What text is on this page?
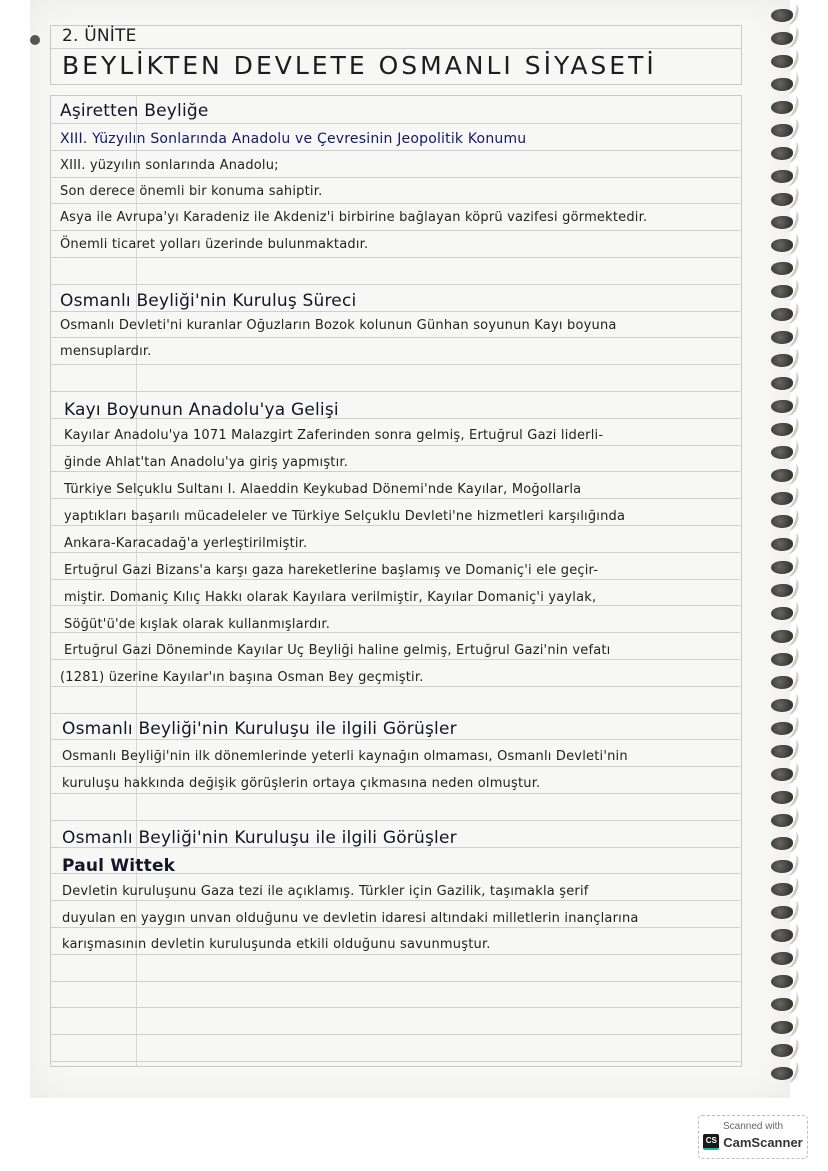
2. ÜNİTE
BEYLİKTEN DEVLETE OSMANLI SİYASETİ
Aşiretten Beyliğe
XIII. Yüzyılın Sonlarında Anadolu ve Çevresinin Jeopolitik Konumu
XIII. yüzyılın sonlarında Anadolu;
Son derece önemli bir konuma sahiptir.
Asya ile Avrupa'yı Karadeniz ile Akdeniz'i birbirine bağlayan köprü vazifesi görmektedir.
Önemli ticaret yolları üzerinde bulunmaktadır.
Osmanlı Beyliği'nin Kuruluş Süreci
Osmanlı Devleti'ni kuranlar Oğuzların Bozok kolunun Günhan soyunun Kayı boyuna
mensuplardır.
Kayı Boyunun Anadolu'ya Gelişi
Kayılar Anadolu'ya 1071 Malazgirt Zaferinden sonra gelmiş, Ertuğrul Gazi liderli-
ğinde Ahlat'tan Anadolu'ya giriş yapmıştır.
Türkiye Selçuklu Sultanı I. Alaeddin Keykubad Dönemi'nde Kayılar, Moğollarla
yaptıkları başarılı mücadeleler ve Türkiye Selçuklu Devleti'ne hizmetleri karşılığında
Ankara-Karacadağ'a yerleştirilmiştir.
Ertuğrul Gazi Bizans'a karşı gaza hareketlerine başlamış ve Domaniç'i ele geçir-
miştir. Domaniç Kılıç Hakkı olarak Kayılara verilmiştir, Kayılar Domaniç'i yaylak,
Söğüt'ü'de kışlak olarak kullanmışlardır.
Ertuğrul Gazi Döneminde Kayılar Uç Beyliği haline gelmiş, Ertuğrul Gazi'nin vefatı
(1281) üzerine Kayılar'ın başına Osman Bey geçmiştir.
Osmanlı Beyliği'nin Kuruluşu ile ilgili Görüşler
Osmanlı Beyliği'nin ilk dönemlerinde yeterli kaynağın olmaması, Osmanlı Devleti'nin
kuruluşu hakkında değişik görüşlerin ortaya çıkmasına neden olmuştur.
Osmanlı Beyliği'nin Kuruluşu ile ilgili Görüşler
Paul Wittek
Devletin kuruluşunu Gaza tezi ile açıklamış. Türkler için Gazilik, taşımakla şerif
duyulan en yaygın unvan olduğunu ve devletin idaresi altındaki milletlerin inançlarına
karışmasının devletin kuruluşunda etkili olduğunu savunmuştur.
Scanned with
CS CamScanner
